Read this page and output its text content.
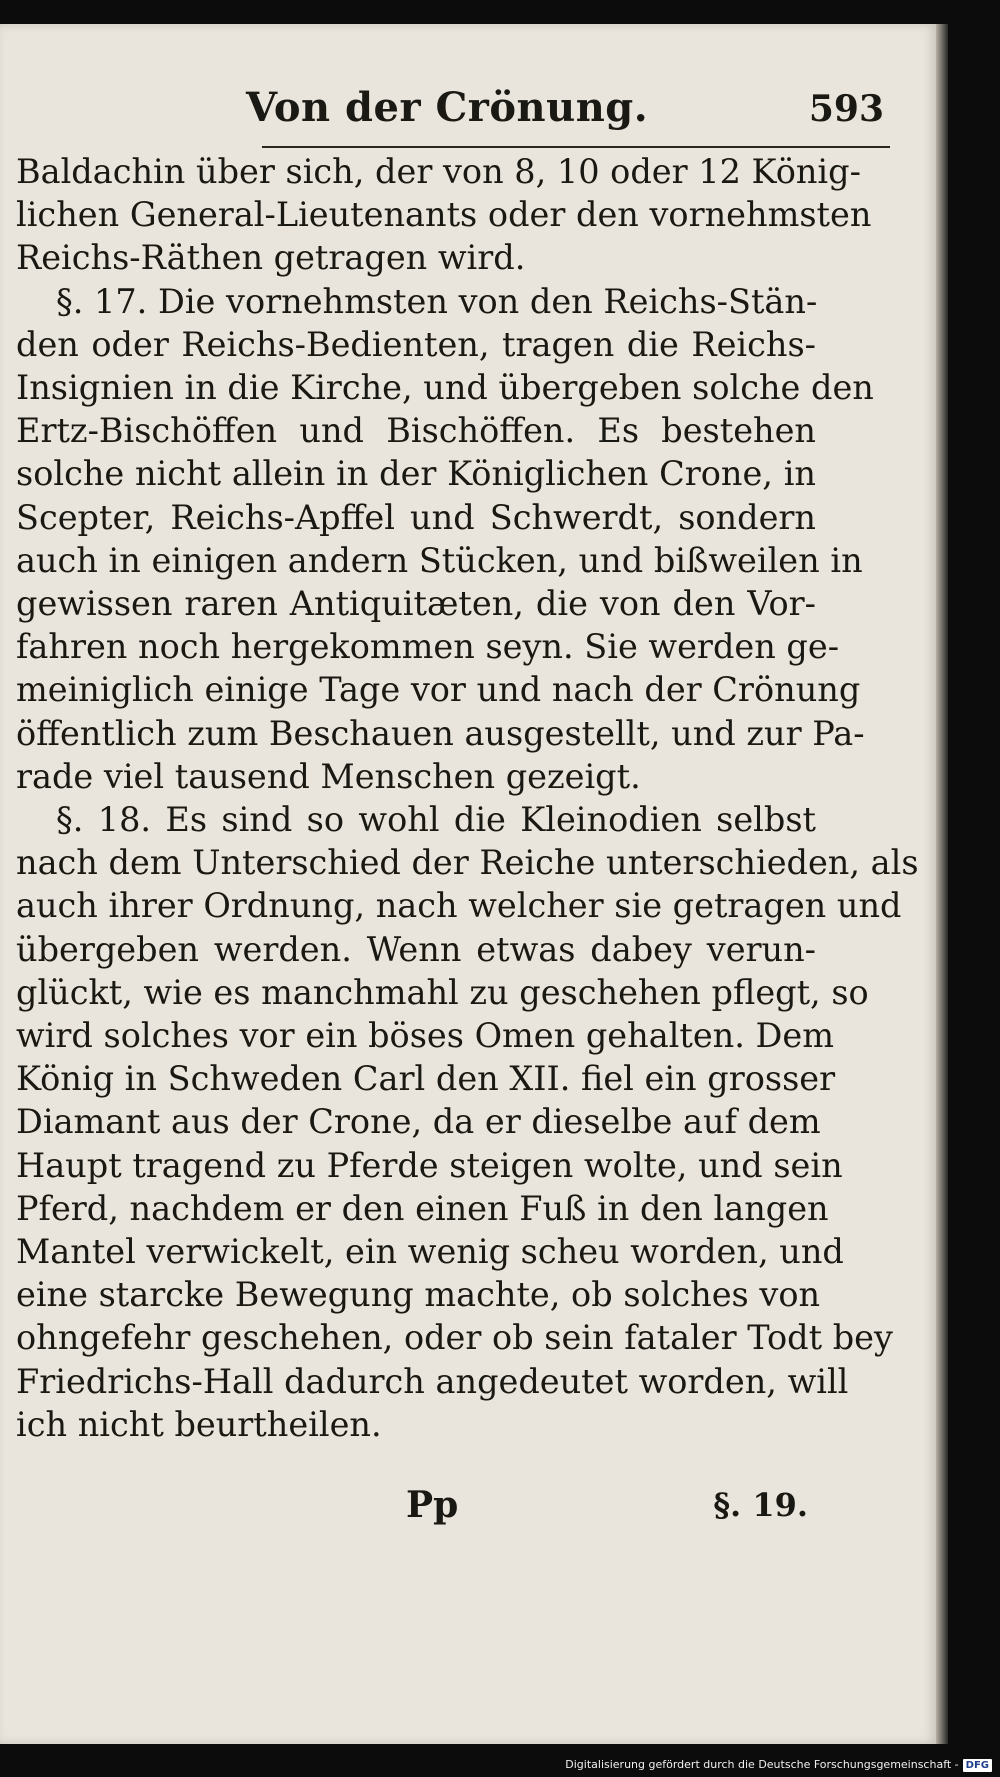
Von der Crönung.	593
Baldachin über sich, der von 8, 10 oder 12 König-
lichen General-Lieutenants oder den vornehmsten
Reichs-Räthen getragen wird.
§. 17. Die vornehmsten von den Reichs-Stän-
den oder Reichs-Bedienten, tragen die Reichs-
Insignien in die Kirche, und übergeben solche den
Ertz-Bischöffen und Bischöffen. Es bestehen
solche nicht allein in der Königlichen Crone, in
Scepter, Reichs-Apffel und Schwerdt, sondern
auch in einigen andern Stücken, und bißweilen in
gewissen raren Antiquitæten, die von den Vor-
fahren noch hergekommen seyn. Sie werden ge-
meiniglich einige Tage vor und nach der Crönung
öffentlich zum Beschauen ausgestellt, und zur Pa-
rade viel tausend Menschen gezeigt.
§. 18. Es sind so wohl die Kleinodien selbst
nach dem Unterschied der Reiche unterschieden, als
auch ihrer Ordnung, nach welcher sie getragen und
übergeben werden. Wenn etwas dabey verun-
glückt, wie es manchmahl zu geschehen pflegt, so
wird solches vor ein böses Omen gehalten. Dem
König in Schweden Carl den XII. fiel ein grosser
Diamant aus der Crone, da er dieselbe auf dem
Haupt tragend zu Pferde steigen wolte, und sein
Pferd, nachdem er den einen Fuß in den langen
Mantel verwickelt, ein wenig scheu worden, und
eine starcke Bewegung machte, ob solches von
ohngefehr geschehen, oder ob sein fataler Todt bey
Friedrichs-Hall dadurch angedeutet worden, will
ich nicht beurtheilen.
Pp	§. 19.
Digitalisierung gefördert durch die Deutsche Forschungsgemeinschaft - DFG
